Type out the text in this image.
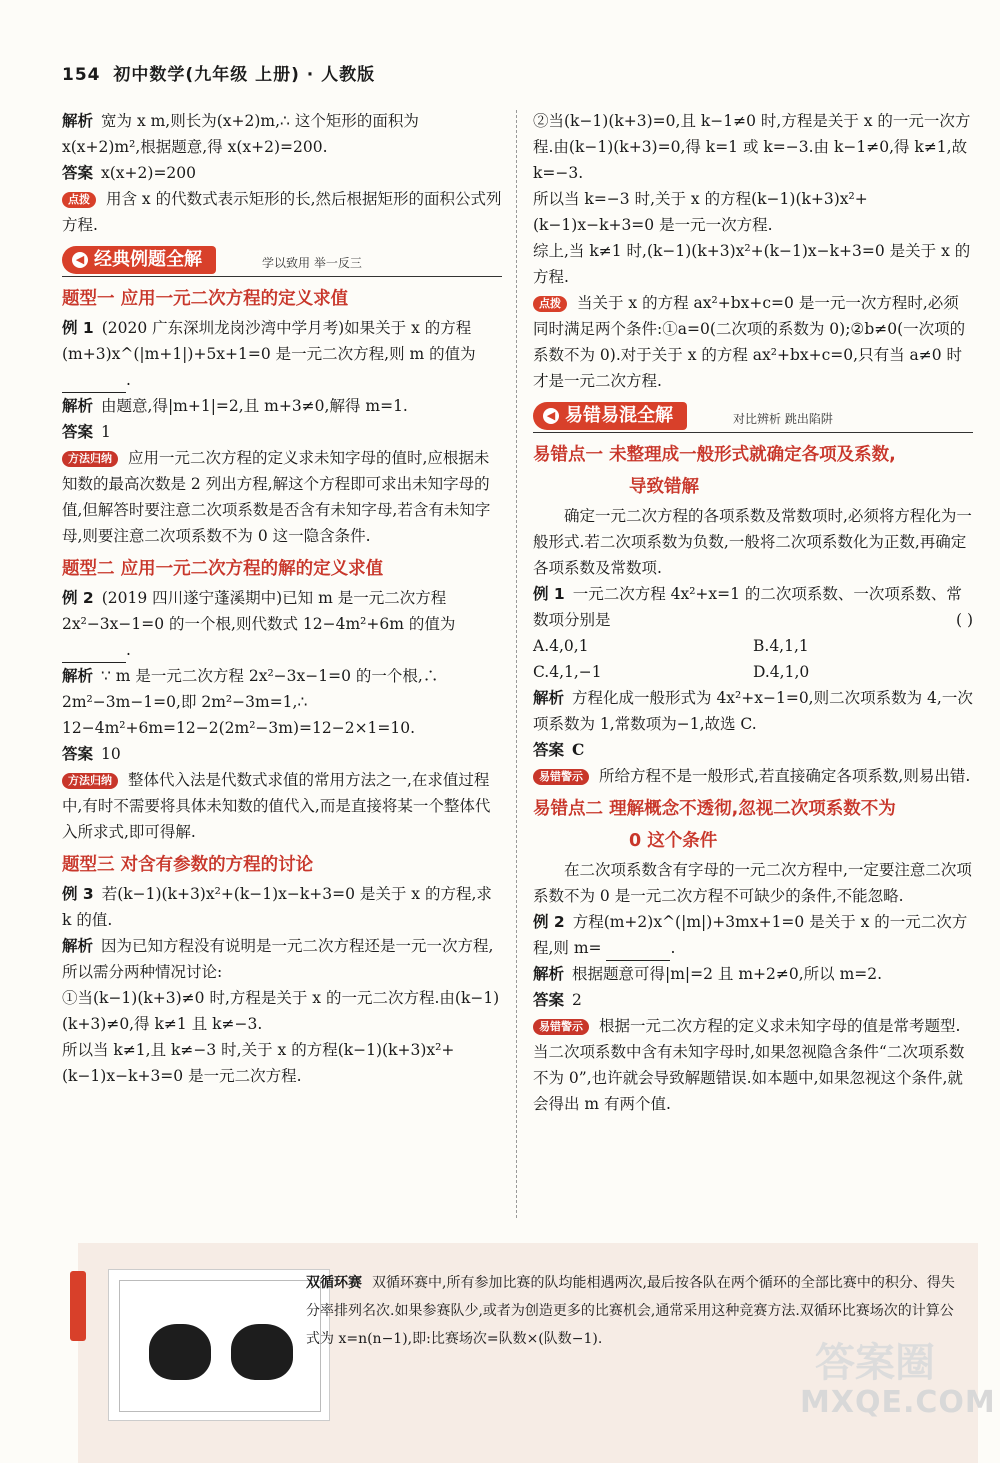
154 初中数学(九年级 上册) · 人教版

解析 宽为 x m,则长为(x+2)m,∴ 这个矩形的面积为 x(x+2)m²,根据题意,得 x(x+2)=200.

答案 x(x+2)=200

点拨 用含 x 的代数式表示矩形的长,然后根据矩形的面积公式列方程.

◀ 经典例题全解	学以致用 举一反三
题型一 应用一元二次方程的定义求值

例 1 (2020 广东深圳龙岗沙湾中学月考)如果关于 x 的方程(m+3)x^(|m+1|)+5x+1=0 是一元二次方程,则 m 的值为 .

解析 由题意,得|m+1|=2,且 m+3≠0,解得 m=1.

答案 1

方法归纳 应用一元二次方程的定义求未知字母的值时,应根据未知数的最高次数是 2 列出方程,解这个方程即可求出未知字母的值,但解答时要注意二次项系数是否含有未知字母,若含有未知字母,则要注意二次项系数不为 0 这一隐含条件.

题型二 应用一元二次方程的解的定义求值

例 2 (2019 四川遂宁蓬溪期中)已知 m 是一元二次方程 2x²−3x−1=0 的一个根,则代数式 12−4m²+6m 的值为 .

解析 ∵ m 是一元二次方程 2x²−3x−1=0 的一个根,∴ 2m²−3m−1=0,即 2m²−3m=1,∴ 12−4m²+6m=12−2(2m²−3m)=12−2×1=10.

答案 10

方法归纳 整体代入法是代数式求值的常用方法之一,在求值过程中,有时不需要将具体未知数的值代入,而是直接将某一个整体代入所求式,即可得解.

题型三 对含有参数的方程的讨论

例 3 若(k−1)(k+3)x²+(k−1)x−k+3=0 是关于 x 的方程,求 k 的值.

解析 因为已知方程没有说明是一元二次方程还是一元一次方程,所以需分两种情况讨论:

①当(k−1)(k+3)≠0 时,方程是关于 x 的一元二次方程.由(k−1)(k+3)≠0,得 k≠1 且 k≠−3.

所以当 k≠1,且 k≠−3 时,关于 x 的方程(k−1)(k+3)x²+(k−1)x−k+3=0 是一元二次方程.

②当(k−1)(k+3)=0,且 k−1≠0 时,方程是关于 x 的一元一次方程.由(k−1)(k+3)=0,得 k=1 或 k=−3.由 k−1≠0,得 k≠1,故 k=−3.

所以当 k=−3 时,关于 x 的方程(k−1)(k+3)x²+(k−1)x−k+3=0 是一元一次方程.

综上,当 k≠1 时,(k−1)(k+3)x²+(k−1)x−k+3=0 是关于 x 的方程.

点拨 当关于 x 的方程 ax²+bx+c=0 是一元一次方程时,必须同时满足两个条件:①a=0(二次项的系数为 0);②b≠0(一次项的系数不为 0).对于关于 x 的方程 ax²+bx+c=0,只有当 a≠0 时才是一元二次方程.

◀ 易错易混全解	对比辨析 跳出陷阱
易错点一 未整理成一般形式就确定各项及系数,
导致错解

确定一元二次方程的各项系数及常数项时,必须将方程化为一般形式.若二次项系数为负数,一般将二次项系数化为正数,再确定各项系数及常数项.

例 1 一元二次方程 4x²+x=1 的二次项系数、一次项系数、常数项分别是	( )

A.4,0,1	B.4,1,1
C.4,1,−1	D.4,1,0

解析 方程化成一般形式为 4x²+x−1=0,则二次项系数为 4,一次项系数为 1,常数项为−1,故选 C.

答案 C

易错警示 所给方程不是一般形式,若直接确定各项系数,则易出错.

易错点二 理解概念不透彻,忽视二次项系数不为
0 这个条件

在二次项系数含有字母的一元二次方程中,一定要注意二次项系数不为 0 是一元二次方程不可缺少的条件,不能忽略.

例 2 方程(m+2)x^(|m|)+3mx+1=0 是关于 x 的一元二次方程,则 m=	.

解析 根据题意可得|m|=2 且 m+2≠0,所以 m=2.

答案 2

易错警示 根据一元二次方程的定义求未知字母的值是常考题型.当二次项系数中含有未知字母时,如果忽视隐含条件“二次项系数不为 0”,也许就会导致解题错误.如本题中,如果忽视这个条件,就会得出 m 有两个值.

双循环赛 双循环赛中,所有参加比赛的队均能相遇两次,最后按各队在两个循环的全部比赛中的积分、得失分率排列名次.如果参赛队少,或者为创造更多的比赛机会,通常采用这种竞赛方法.双循环比赛场次的计算公式为 x=n(n−1),即:比赛场次=队数×(队数−1).
答案圈
MXQE.COM
